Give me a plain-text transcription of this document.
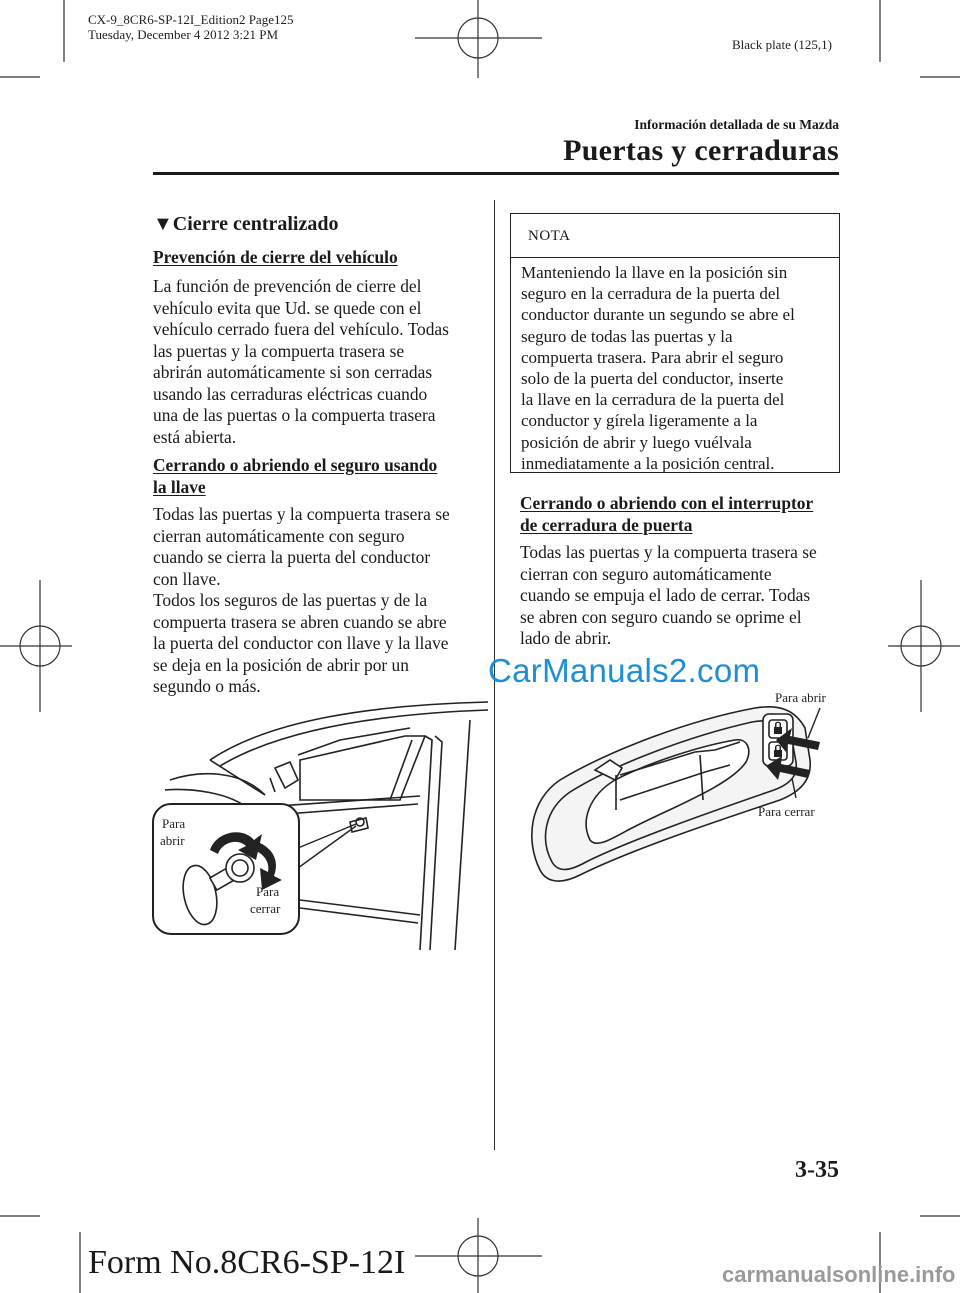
CX-9_8CR6-SP-12I_Edition2 Page125
Tuesday, December 4 2012 3:21 PM
Black plate (125,1)
Información detallada de su Mazda
Puertas y cerraduras
▼Cierre centralizado
Prevención de cierre del vehículo
La función de prevención de cierre del
vehículo evita que Ud. se quede con el
vehículo cerrado fuera del vehículo. Todas
las puertas y la compuerta trasera se
abrirán automáticamente si son cerradas
usando las cerraduras eléctricas cuando
una de las puertas o la compuerta trasera
está abierta.
Cerrando o abriendo el seguro usando
la llave
Todas las puertas y la compuerta trasera se
cierran automáticamente con seguro
cuando se cierra la puerta del conductor
con llave.
Todos los seguros de las puertas y de la
compuerta trasera se abren cuando se abre
la puerta del conductor con llave y la llave
se deja en la posición de abrir por un
segundo o más.
Para
abrir
Para
cerrar
NOTA
Manteniendo la llave en la posición sin
seguro en la cerradura de la puerta del
conductor durante un segundo se abre el
seguro de todas las puertas y la
compuerta trasera. Para abrir el seguro
solo de la puerta del conductor, inserte
la llave en la cerradura de la puerta del
conductor y gírela ligeramente a la
posición de abrir y luego vuélvala
inmediatamente a la posición central.
Cerrando o abriendo con el interruptor
de cerradura de puerta
Todas las puertas y la compuerta trasera se
cierran con seguro automáticamente
cuando se empuja el lado de cerrar. Todas
se abren con seguro cuando se oprime el
lado de abrir.
CarManuals2.com
Para abrir
Para cerrar
3-35
Form No.8CR6-SP-12I	carmanualsonline.info
